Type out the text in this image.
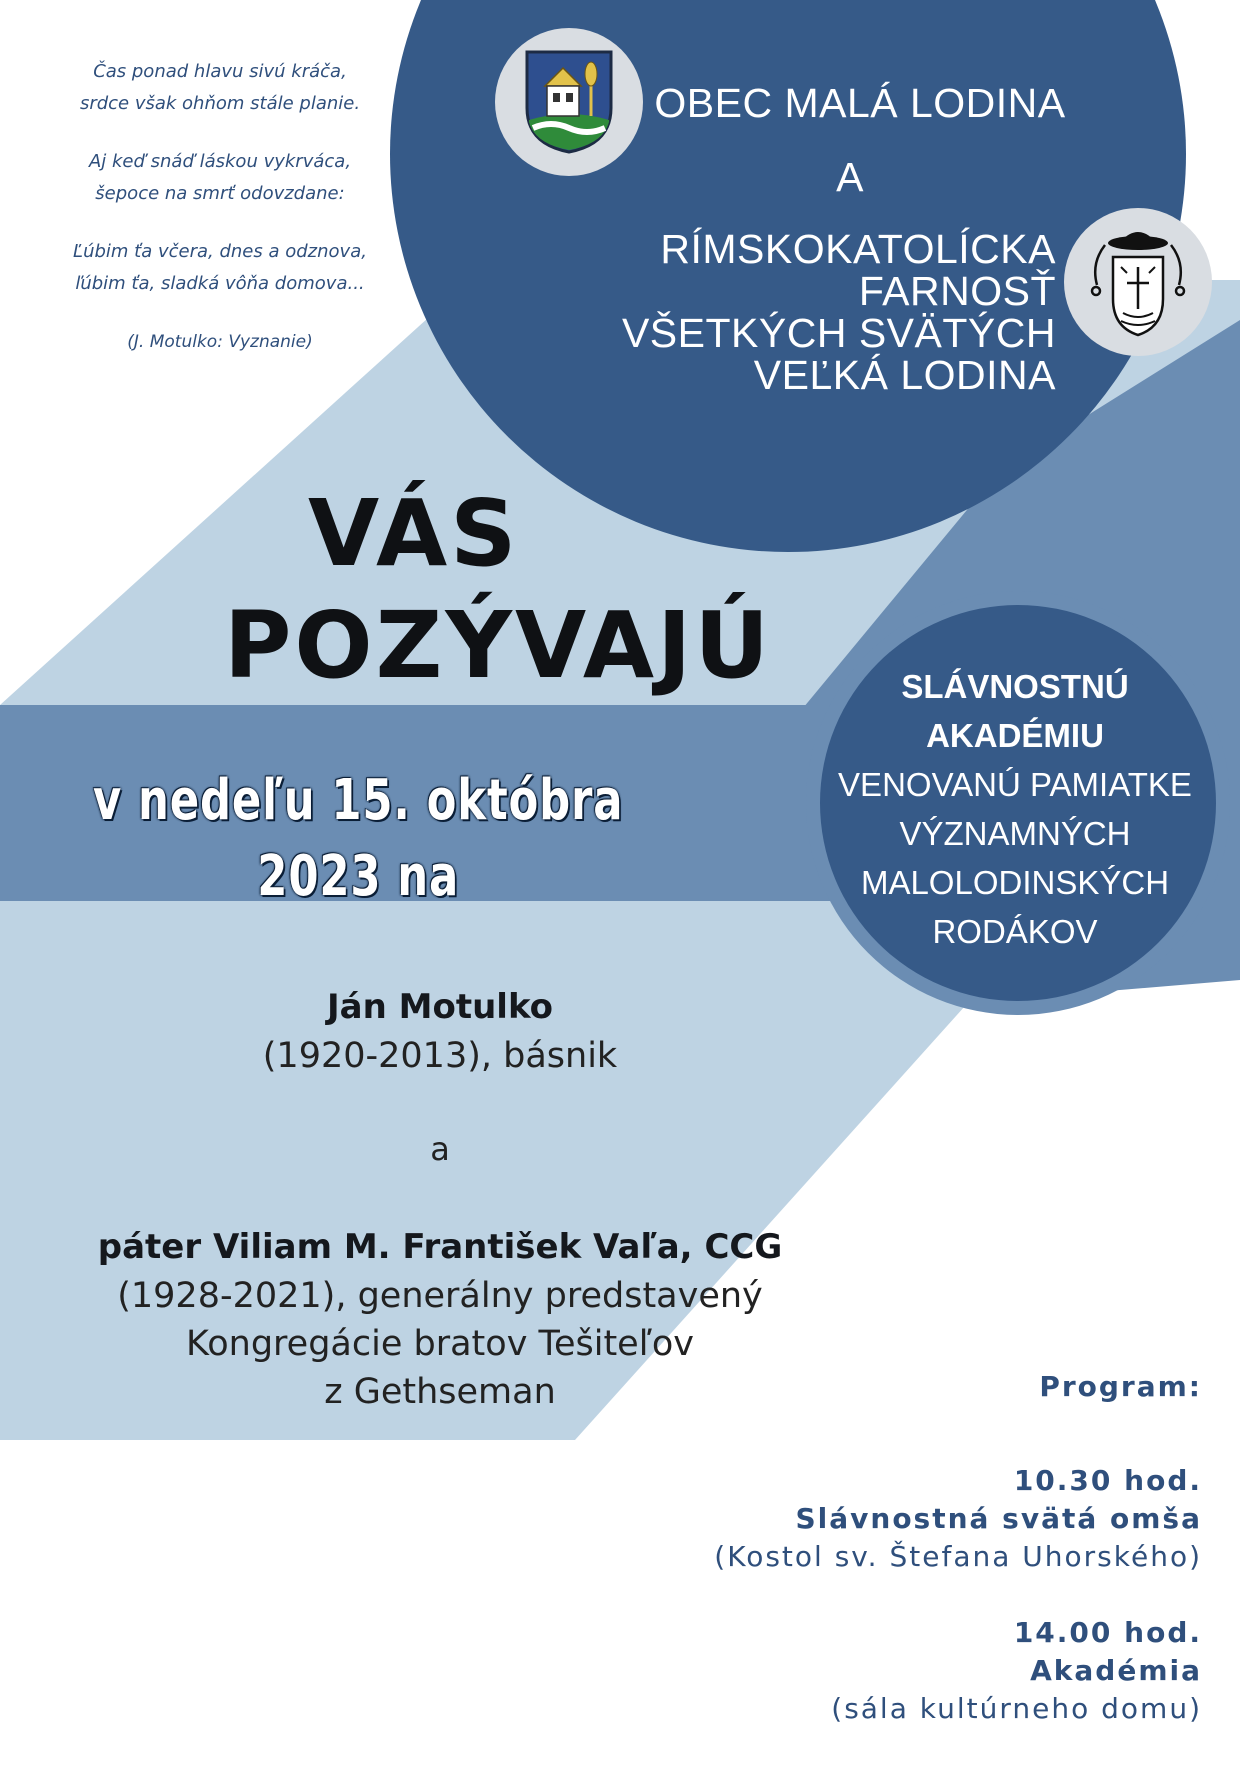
Čas ponad hlavu sivú kráča,
srdce však ohňom stále planie.

Aj keď snáď láskou vykrváca,
šepoce na smrť odovzdane:

Ľúbim ťa včera, dnes a odznova,
ľúbim ťa, sladká vôňa domova...

(J. Motulko: Vyznanie)

OBEC MALÁ LODINA
A
RÍMSKOKATOLÍCKA FARNOSŤ
VŠETKÝCH SVÄTÝCH
VEĽKÁ LODINA
VÁS
POZÝVAJÚ
v nedeľu 15. októbra 2023 na
SLÁVNOSTNÚ
AKADÉMIU
VENOVANÚ PAMIATKE
VÝZNAMNÝCH
MALOLODINSKÝCH
RODÁKOV
Ján Motulko
(1920-2013), básnik
a
páter Viliam M. František Vaľa, CCG
(1928-2021), generálny predstavený
Kongregácie bratov Tešiteľov
z Gethseman	Program:
10.30 hod.
Slávnostná svätá omša
(Kostol sv. Štefana Uhorského)
14.00 hod.
Akadémia
(sála kultúrneho domu)
